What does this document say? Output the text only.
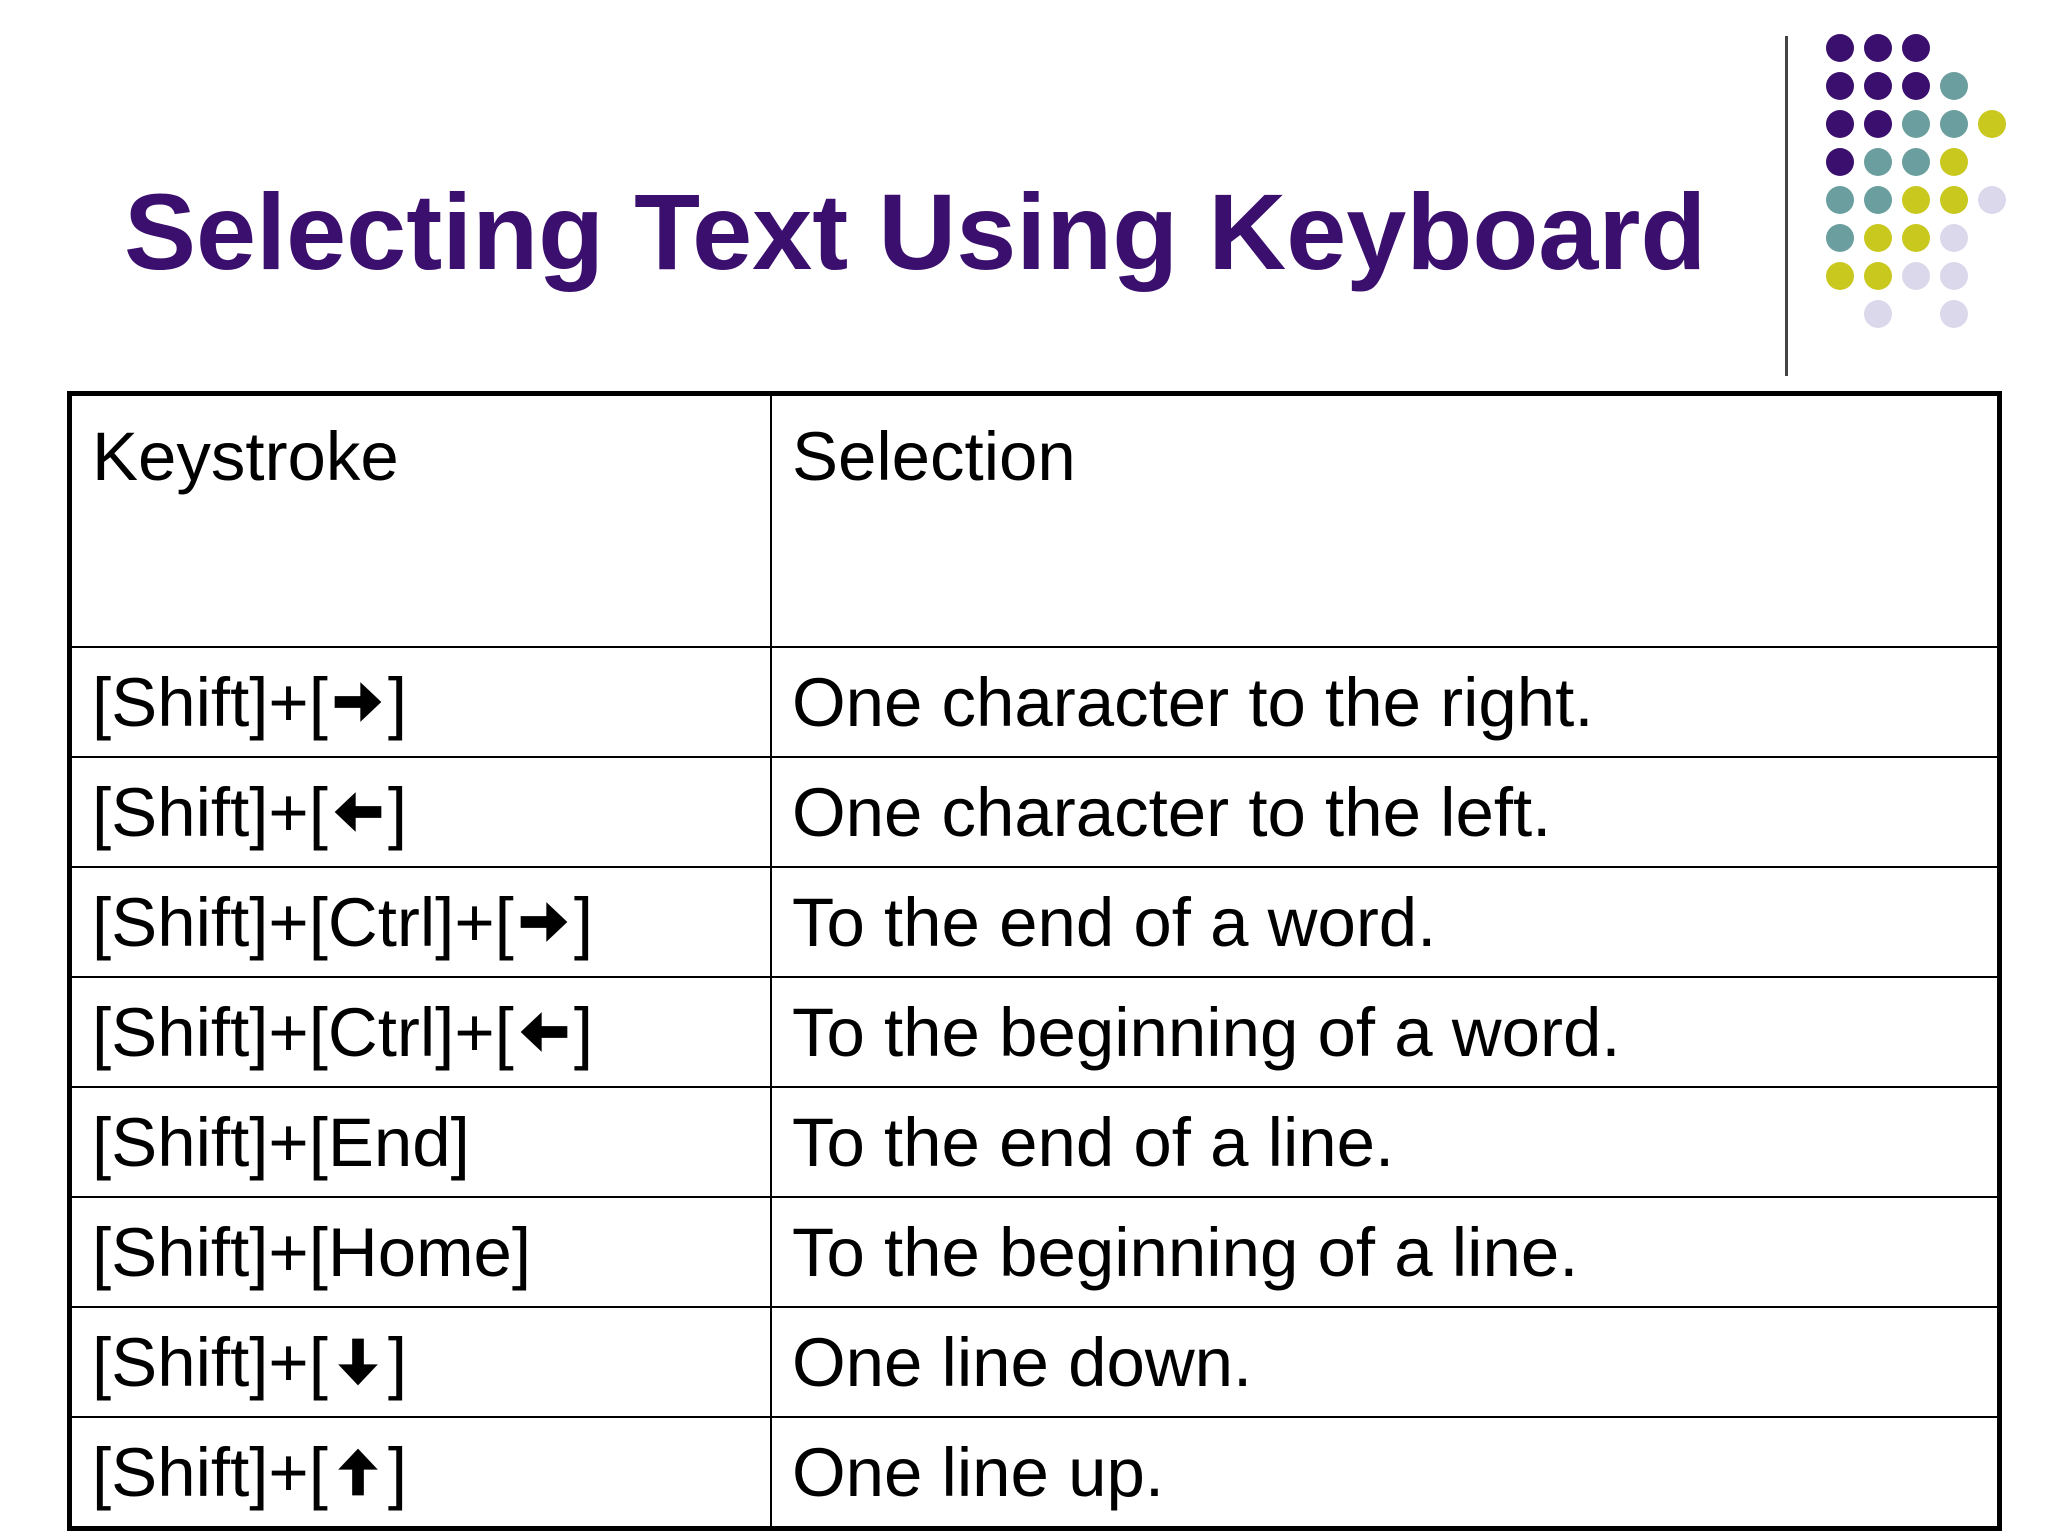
Selecting Text Using Keyboard
Keystroke	Selection
[Shift]+[ ]	One character to the right.
[Shift]+[ ]	One character to the left.
[Shift]+[Ctrl]+[ ]	To the end of a word.
[Shift]+[Ctrl]+[ ]	To the beginning of a word.
[Shift]+[End]	To the end of a line.
[Shift]+[Home]	To the beginning of a line.
[Shift]+[ ]	One line down.
[Shift]+[ ]	One line up.
